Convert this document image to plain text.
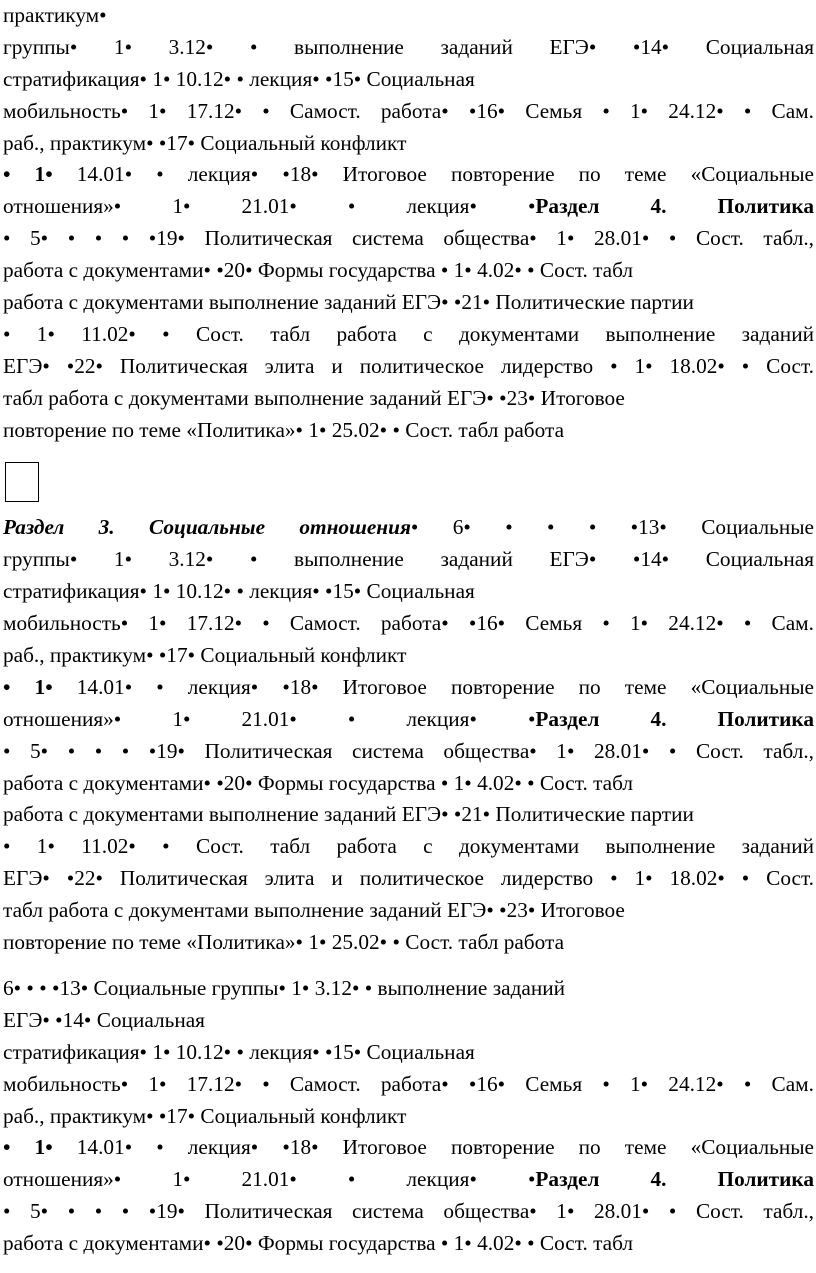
практикум•
группы• 1• 3.12• • выполнение заданий ЕГЭ• •14• Социальная
стратификация• 1• 10.12• • лекция• •15• Социальная
мобильность• 1• 17.12• • Самост. работа• •16• Семья • 1• 24.12• • Сам.
раб., практикум• •17• Социальный конфликт
• 1• 14.01• • лекция• •18• Итоговое повторение по теме «Социальные
отношения»• 1• 21.01• • лекция• •Раздел 4. Политика
• 5• • • • •19• Политическая система общества• 1• 28.01• • Сост. табл.,
работа с документами• •20• Формы государства • 1• 4.02• • Сост. табл
работа с документами выполнение заданий ЕГЭ• •21• Политические партии
• 1• 11.02• • Сост. табл работа с документами выполнение заданий
ЕГЭ• •22• Политическая элита и политическое лидерство • 1• 18.02• • Сост.
табл работа с документами выполнение заданий ЕГЭ• •23• Итоговое
повторение по теме «Политика»• 1• 25.02• • Сост. табл работа
Раздел 3. Социальные отношения• 6• • • • •13• Социальные
группы• 1• 3.12• • выполнение заданий ЕГЭ• •14• Социальная
стратификация• 1• 10.12• • лекция• •15• Социальная
мобильность• 1• 17.12• • Самост. работа• •16• Семья • 1• 24.12• • Сам.
раб., практикум• •17• Социальный конфликт
• 1• 14.01• • лекция• •18• Итоговое повторение по теме «Социальные
отношения»• 1• 21.01• • лекция• •Раздел 4. Политика
• 5• • • • •19• Политическая система общества• 1• 28.01• • Сост. табл.,
работа с документами• •20• Формы государства • 1• 4.02• • Сост. табл
работа с документами выполнение заданий ЕГЭ• •21• Политические партии
• 1• 11.02• • Сост. табл работа с документами выполнение заданий
ЕГЭ• •22• Политическая элита и политическое лидерство • 1• 18.02• • Сост.
табл работа с документами выполнение заданий ЕГЭ• •23• Итоговое
повторение по теме «Политика»• 1• 25.02• • Сост. табл работа
6• • • •13• Социальные группы• 1• 3.12• • выполнение заданий
ЕГЭ• •14• Социальная
стратификация• 1• 10.12• • лекция• •15• Социальная
мобильность• 1• 17.12• • Самост. работа• •16• Семья • 1• 24.12• • Сам.
раб., практикум• •17• Социальный конфликт
• 1• 14.01• • лекция• •18• Итоговое повторение по теме «Социальные
отношения»• 1• 21.01• • лекция• •Раздел 4. Политика
• 5• • • • •19• Политическая система общества• 1• 28.01• • Сост. табл.,
работа с документами• •20• Формы государства • 1• 4.02• • Сост. табл
